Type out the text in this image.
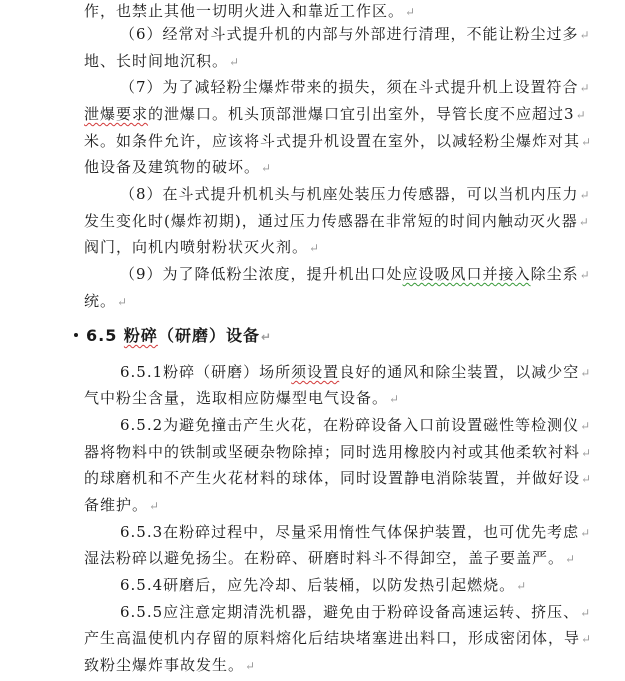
作，也禁止其他一切明火进入和靠近工作区。↵
（6）经常对斗式提升机的内部与外部进行清理，不能让粉尘过多↵
地、长时间地沉积。↵
（7）为了减轻粉尘爆炸带来的损失，须在斗式提升机上设置符合↵
泄爆要求的泄爆口。机头顶部泄爆口宜引出室外，导管长度不应超过3↵
米。如条件允许，应该将斗式提升机设置在室外，以减轻粉尘爆炸对其↵
他设备及建筑物的破坏。↵
（8）在斗式提升机机头与机座处装压力传感器，可以当机内压力↵
发生变化时(爆炸初期)，通过压力传感器在非常短的时间内触动灭火器↵
阀门，向机内喷射粉状灭火剂。↵
（9）为了降低粉尘浓度，提升机出口处应设吸风口并接入除尘系↵
统。↵
6.5 粉碎（研磨）设备↵
6.5.1粉碎（研磨）场所须设置良好的通风和除尘装置，以减少空↵
气中粉尘含量，选取相应防爆型电气设备。↵
6.5.2为避免撞击产生火花，在粉碎设备入口前设置磁性等检测仪↵
器将物料中的铁制或坚硬杂物除掉；同时选用橡胶内衬或其他柔软衬料↵
的球磨机和不产生火花材料的球体，同时设置静电消除装置，并做好设↵
备维护。↵
6.5.3在粉碎过程中，尽量采用惰性气体保护装置，也可优先考虑↵
湿法粉碎以避免扬尘。在粉碎、研磨时料斗不得卸空，盖子要盖严。↵
6.5.4研磨后，应先冷却、后装桶，以防发热引起燃烧。↵
6.5.5应注意定期清洗机器，避免由于粉碎设备高速运转、挤压、↵
产生高温使机内存留的原料熔化后结块堵塞进出料口，形成密闭体，导↵
致粉尘爆炸事故发生。↵
